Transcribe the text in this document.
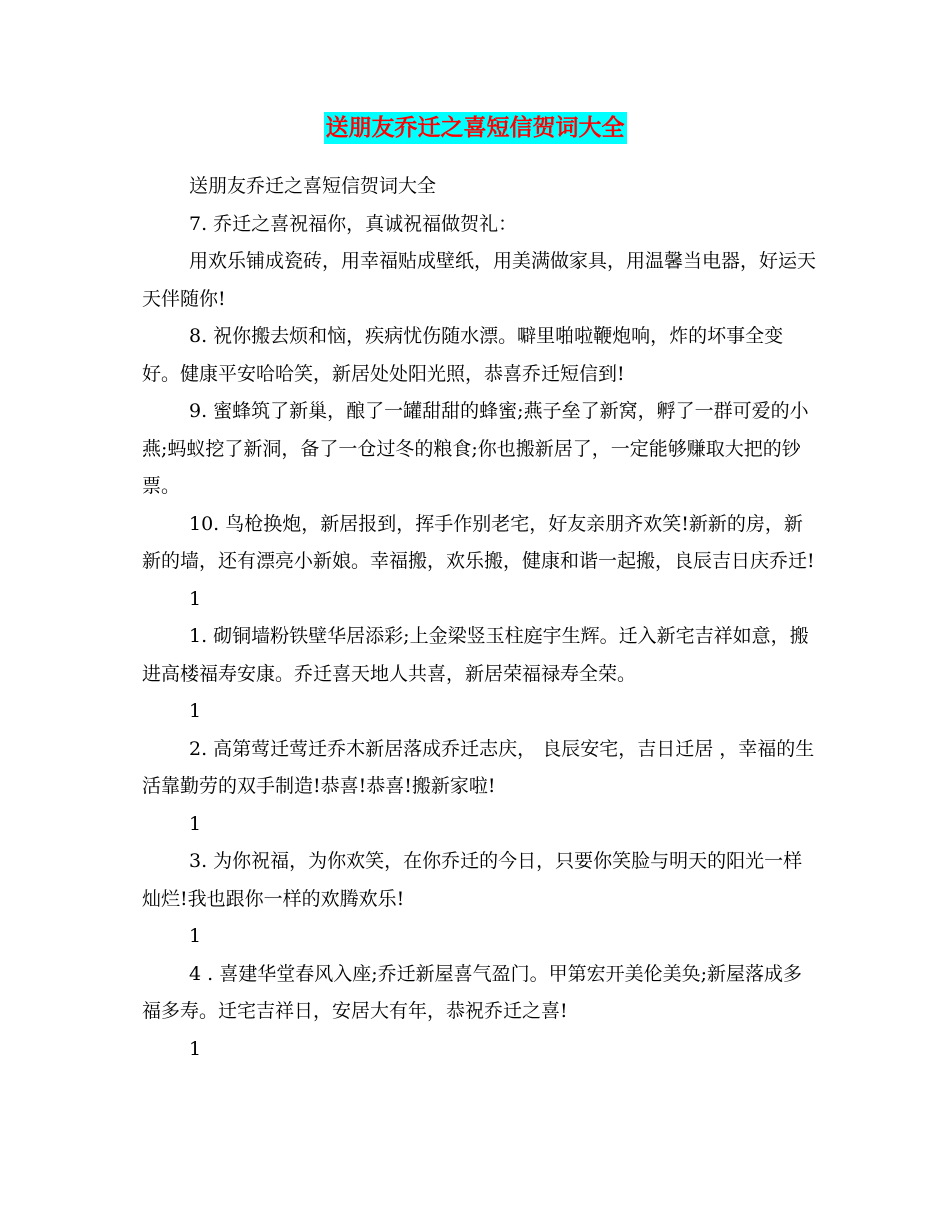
送朋友乔迁之喜短信贺词大全

送朋友乔迁之喜短信贺词大全

7. 乔迁之喜祝福你，真诚祝福做贺礼：

用欢乐铺成瓷砖，用幸福贴成壁纸，用美满做家具，用温馨当电器，好运天天伴随你!

8. 祝你搬去烦和恼，疾病忧伤随水漂。噼里啪啦鞭炮响，炸的坏事全变好。健康平安哈哈笑，新居处处阳光照，恭喜乔迁短信到!

9. 蜜蜂筑了新巢，酿了一罐甜甜的蜂蜜;燕子垒了新窝，孵了一群可爱的小燕;蚂蚁挖了新洞，备了一仓过冬的粮食;你也搬新居了，一定能够赚取大把的钞票。

10. 鸟枪换炮，新居报到，挥手作别老宅，好友亲朋齐欢笑!新新的房，新新的墙，还有漂亮小新娘。幸福搬，欢乐搬，健康和谐一起搬，良辰吉日庆乔迁!

1

1. 砌铜墙粉铁壁华居添彩;上金梁竖玉柱庭宇生辉。迁入新宅吉祥如意，搬进高楼福寿安康。乔迁喜天地人共喜，新居荣福禄寿全荣。

1

2. 高第莺迁莺迁乔木新居落成乔迁志庆， 良辰安宅，吉日迁居 ，幸福的生活靠勤劳的双手制造!恭喜!恭喜!搬新家啦!

1

3. 为你祝福，为你欢笑，在你乔迁的今日，只要你笑脸与明天的阳光一样灿烂!我也跟你一样的欢腾欢乐!

1

4 . 喜建华堂春风入座;乔迁新屋喜气盈门。甲第宏开美伦美奂;新屋落成多福多寿。迁宅吉祥日，安居大有年，恭祝乔迁之喜!

1
